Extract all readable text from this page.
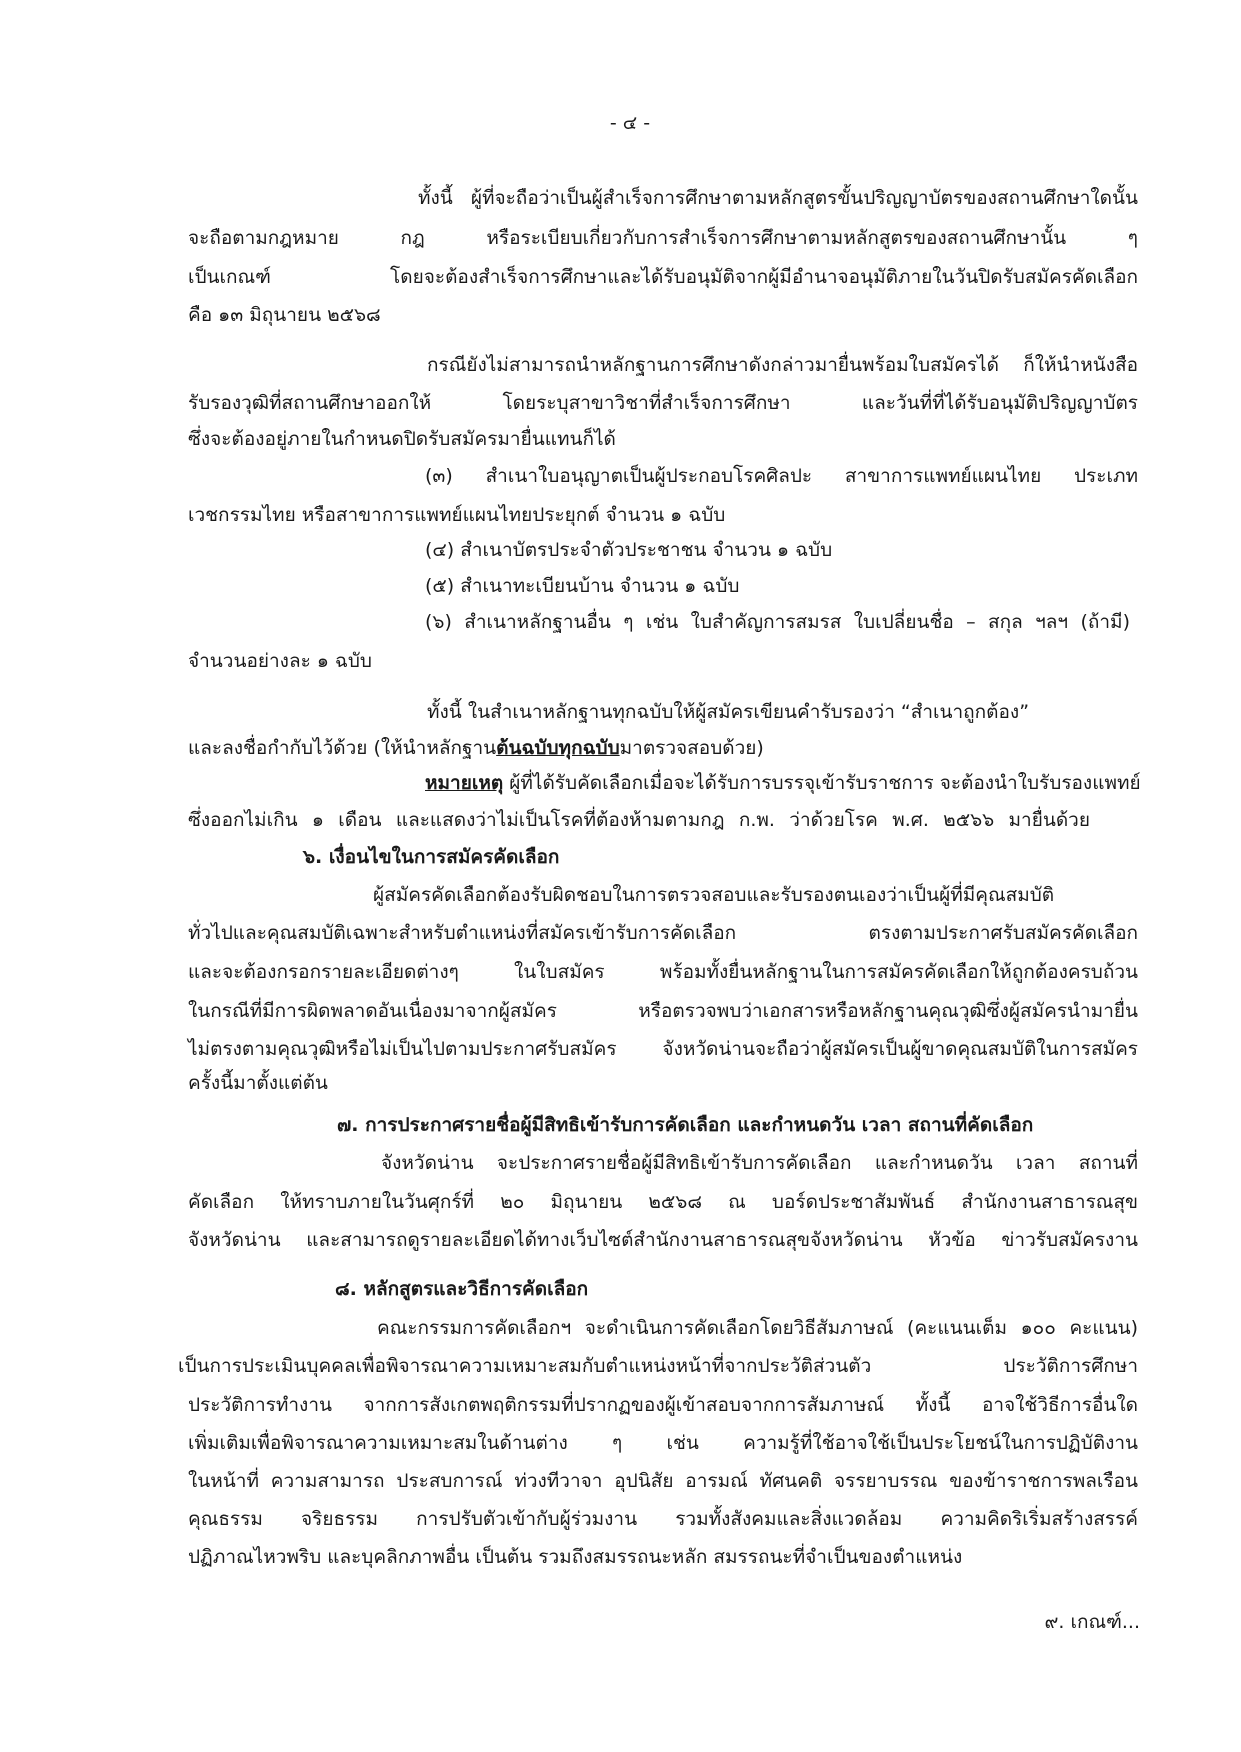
- ๔ -

ทั้งนี้ ผู้ที่จะถือว่าเป็นผู้สำเร็จการศึกษาตามหลักสูตรขั้นปริญญาบัตรของสถานศึกษาใดนั้น

จะถือตามกฎหมาย กฎ หรือระเบียบเกี่ยวกับการสำเร็จการศึกษาตามหลักสูตรของสถานศึกษานั้น ๆ

เป็นเกณฑ์ โดยจะต้องสำเร็จการศึกษาและได้รับอนุมัติจากผู้มีอำนาจอนุมัติภายในวันปิดรับสมัครคัดเลือก

คือ ๑๓ มิถุนายน ๒๕๖๘

กรณียังไม่สามารถนำหลักฐานการศึกษาดังกล่าวมายื่นพร้อมใบสมัครได้ ก็ให้นำหนังสือ

รับรองวุฒิที่สถานศึกษาออกให้ โดยระบุสาขาวิชาที่สำเร็จการศึกษา และวันที่ที่ได้รับอนุมัติปริญญาบัตร

ซึ่งจะต้องอยู่ภายในกำหนดปิดรับสมัครมายื่นแทนก็ได้

(๓) สำเนาใบอนุญาตเป็นผู้ประกอบโรคศิลปะ สาขาการแพทย์แผนไทย ประเภท

เวชกรรมไทย หรือสาขาการแพทย์แผนไทยประยุกต์ จำนวน ๑ ฉบับ

(๔) สำเนาบัตรประจำตัวประชาชน จำนวน ๑ ฉบับ

(๕) สำเนาทะเบียนบ้าน จำนวน ๑ ฉบับ

(๖) สำเนาหลักฐานอื่น ๆ เช่น ใบสำคัญการสมรส ใบเปลี่ยนชื่อ – สกุล ฯลฯ (ถ้ามี)

จำนวนอย่างละ ๑ ฉบับ

ทั้งนี้ ในสำเนาหลักฐานทุกฉบับให้ผู้สมัครเขียนคำรับรองว่า “สำเนาถูกต้อง”

และลงชื่อกำกับไว้ด้วย (ให้นำหลักฐานต้นฉบับทุกฉบับมาตรวจสอบด้วย)

หมายเหตุ ผู้ที่ได้รับคัดเลือกเมื่อจะได้รับการบรรจุเข้ารับราชการ จะต้องนำใบรับรองแพทย์

ซึ่งออกไม่เกิน ๑ เดือน และแสดงว่าไม่เป็นโรคที่ต้องห้ามตามกฎ ก.พ. ว่าด้วยโรค พ.ศ. ๒๕๖๖ มายื่นด้วย

๖. เงื่อนไขในการสมัครคัดเลือก

ผู้สมัครคัดเลือกต้องรับผิดชอบในการตรวจสอบและรับรองตนเองว่าเป็นผู้ที่มีคุณสมบัติ

ทั่วไปและคุณสมบัติเฉพาะสำหรับตำแหน่งที่สมัครเข้ารับการคัดเลือก ตรงตามประกาศรับสมัครคัดเลือก

และจะต้องกรอกรายละเอียดต่างๆ ในใบสมัคร พร้อมทั้งยื่นหลักฐานในการสมัครคัดเลือกให้ถูกต้องครบถ้วน

ในกรณีที่มีการผิดพลาดอันเนื่องมาจากผู้สมัคร หรือตรวจพบว่าเอกสารหรือหลักฐานคุณวุฒิซึ่งผู้สมัครนำมายื่น

ไม่ตรงตามคุณวุฒิหรือไม่เป็นไปตามประกาศรับสมัคร จังหวัดน่านจะถือว่าผู้สมัครเป็นผู้ขาดคุณสมบัติในการสมัคร

ครั้งนี้มาตั้งแต่ต้น

๗. การประกาศรายชื่อผู้มีสิทธิเข้ารับการคัดเลือก และกำหนดวัน เวลา สถานที่คัดเลือก

จังหวัดน่าน จะประกาศรายชื่อผู้มีสิทธิเข้ารับการคัดเลือก และกำหนดวัน เวลา สถานที่

คัดเลือก ให้ทราบภายในวันศุกร์ที่ ๒๐ มิถุนายน ๒๕๖๘ ณ บอร์ดประชาสัมพันธ์ สำนักงานสาธารณสุข

จังหวัดน่าน และสามารถดูรายละเอียดได้ทางเว็บไซต์สำนักงานสาธารณสุขจังหวัดน่าน หัวข้อ ข่าวรับสมัครงาน

๘. หลักสูตรและวิธีการคัดเลือก

คณะกรรมการคัดเลือกฯ จะดำเนินการคัดเลือกโดยวิธีสัมภาษณ์ (คะแนนเต็ม ๑๐๐ คะแนน)

เป็นการประเมินบุคคลเพื่อพิจารณาความเหมาะสมกับตำแหน่งหน้าที่จากประวัติส่วนตัว ประวัติการศึกษา

ประวัติการทำงาน จากการสังเกตพฤติกรรมที่ปรากฏของผู้เข้าสอบจากการสัมภาษณ์ ทั้งนี้ อาจใช้วิธีการอื่นใด

เพิ่มเติมเพื่อพิจารณาความเหมาะสมในด้านต่าง ๆ เช่น ความรู้ที่ใช้อาจใช้เป็นประโยชน์ในการปฏิบัติงาน

ในหน้าที่ ความสามารถ ประสบการณ์ ท่วงทีวาจา อุปนิสัย อารมณ์ ทัศนคติ จรรยาบรรณ ของข้าราชการพลเรือน

คุณธรรม จริยธรรม การปรับตัวเข้ากับผู้ร่วมงาน รวมทั้งสังคมและสิ่งแวดล้อม ความคิดริเริ่มสร้างสรรค์

ปฏิภาณไหวพริบ และบุคลิกภาพอื่น เป็นต้น รวมถึงสมรรถนะหลัก สมรรถนะที่จำเป็นของตำแหน่ง

๙. เกณฑ์...
